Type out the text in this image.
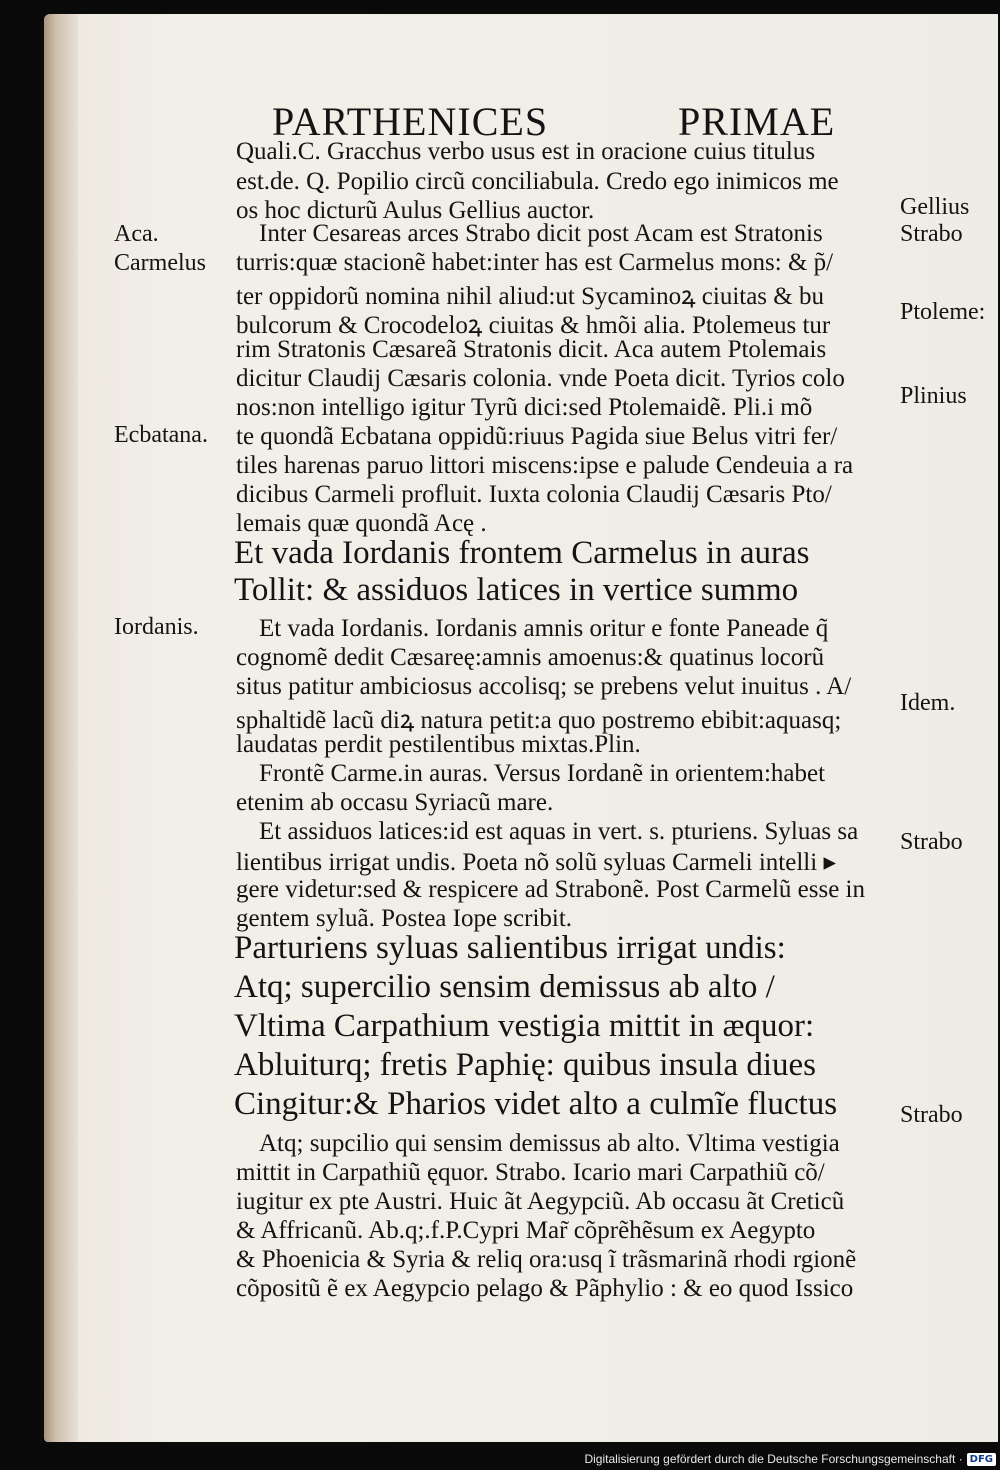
PARTHENICES	PRIMAE
Quali.C. Gracchus verbo usus est in oracione cuius titulus
est.de. Q. Popilio circũ conciliabula. Credo ego inimicos me
os hoc dicturũ Aulus Gellius auctor.
Inter Cesareas arces Strabo dicit post Acam est Stratonis
turris:quæ stacionẽ habet:inter has est Carmelus mons: & p̃/
ter oppidorũ nomina nihil aliud:ut Sycaminoꝝ ciuitas & bu
bulcorum & Crocodeloꝝ ciuitas & hmõi alia. Ptolemeus tur
rim Stratonis Cæsareã Stratonis dicit. Aca autem Ptolemais
dicitur Claudij Cæsaris colonia. vnde Poeta dicit. Tyrios colo
nos:non intelligo igitur Tyrũ dici:sed Ptolemaidẽ. Pli.i mõ
te quondã Ecbatana oppidũ:riuus Pagida siue Belus vitri fer/
tiles harenas paruo littori miscens:ipse e palude Cendeuia a ra
dicibus Carmeli profluit. Iuxta colonia Claudij Cæsaris Pto/
lemais quæ quondã Acę .
Et vada Iordanis frontem Carmelus in auras
Tollit: & assiduos latices in vertice summo
Et vada Iordanis. Iordanis amnis oritur e fonte Paneade q̃
cognomẽ dedit Cæsareę:amnis amoenus:& quatinus locorũ
situs patitur ambiciosus accolisq; se prebens velut inuitus . A/
sphaltidẽ lacũ diꝝ natura petit:a quo postremo ebibit:aquasq;
laudatas perdit pestilentibus mixtas.Plin.
Frontẽ Carme.in auras. Versus Iordanẽ in orientem:habet
etenim ab occasu Syriacũ mare.
Et assiduos latices:id est aquas in vert. s. pturiens. Syluas sa
lientibus irrigat undis. Poeta nõ solũ syluas Carmeli intelli ▸
gere videtur:sed & respicere ad Strabonẽ. Post Carmelũ esse in
gentem syluã. Postea Iope scribit.
Parturiens syluas salientibus irrigat undis:
Atq; supercilio sensim demissus ab alto /
Vltima Carpathium vestigia mittit in æquor:
Abluiturq; fretis Paphię: quibus insula diues
Cingitur:& Pharios videt alto a culmĩe fluctus
Atq; supcilio qui sensim demissus ab alto. Vltima vestigia
mittit in Carpathiũ ęquor. Strabo. Icario mari Carpathiũ cõ/
iugitur ex pte Austri. Huic ãt Aegypciũ. Ab occasu ãt Creticũ
& Affricanũ. Ab.q;.f.P.Cypri Mar̃ cõprẽhẽsum ex Aegypto
& Phoenicia & Syria & reliq ora:usq ĩ trãsmarinã rhodi rgionẽ
cõpositũ ẽ ex Aegypcio pelago & Pãphylio : & eo quod Issico
Aca.
Carmelus
Ecbatana.
Iordanis.
Gellius
Strabo
Ptoleme:
Plinius
Idem.
Strabo
Strabo
Digitalisierung gefördert durch die Deutsche Forschungsgemeinschaft · DFG
